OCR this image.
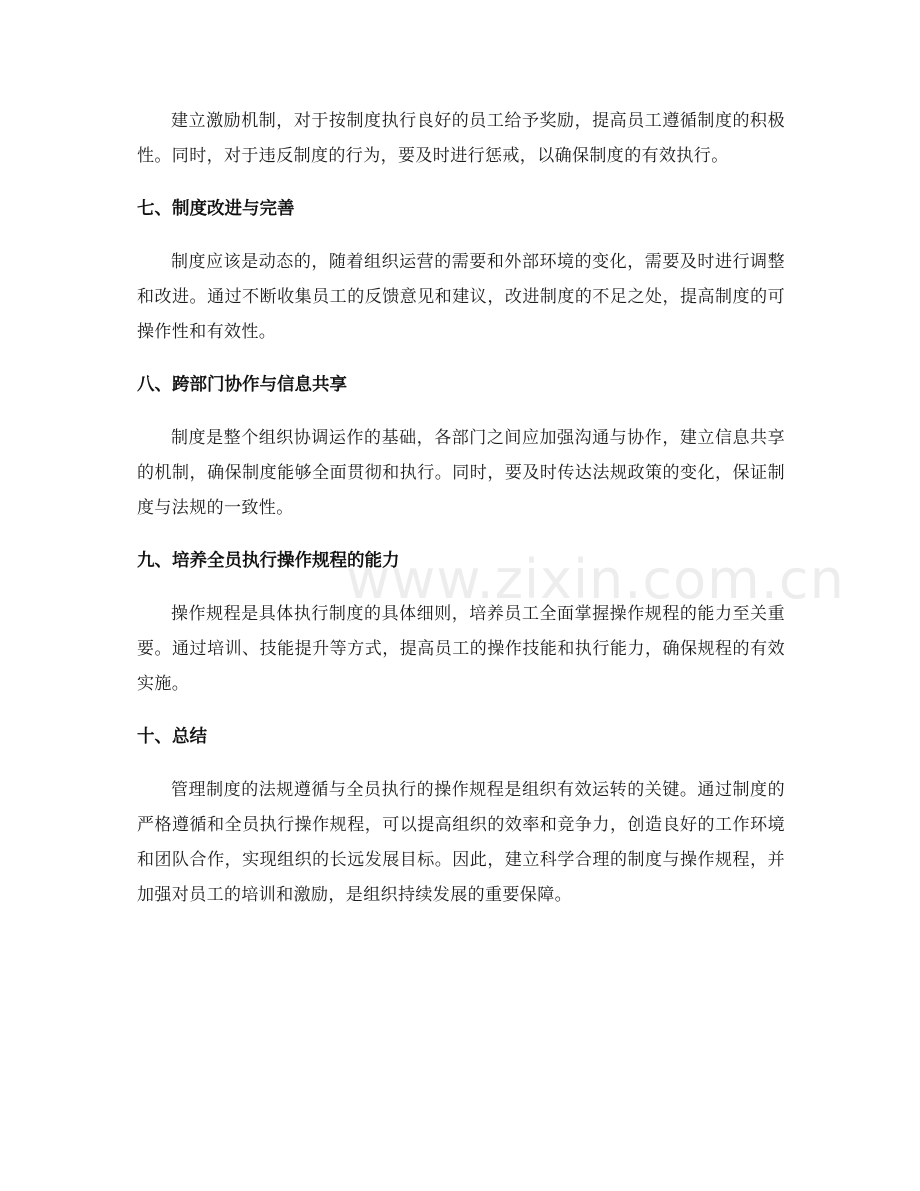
建立激励机制，对于按制度执行良好的员工给予奖励，提高员工遵循制度的积极性。同时，对于违反制度的行为，要及时进行惩戒，以确保制度的有效执行。

七、制度改进与完善

制度应该是动态的，随着组织运营的需要和外部环境的变化，需要及时进行调整和改进。通过不断收集员工的反馈意见和建议，改进制度的不足之处，提高制度的可操作性和有效性。

八、跨部门协作与信息共享

制度是整个组织协调运作的基础，各部门之间应加强沟通与协作，建立信息共享的机制，确保制度能够全面贯彻和执行。同时，要及时传达法规政策的变化，保证制度与法规的一致性。

九、培养全员执行操作规程的能力

操作规程是具体执行制度的具体细则，培养员工全面掌握操作规程的能力至关重要。通过培训、技能提升等方式，提高员工的操作技能和执行能力，确保规程的有效实施。

十、总结

管理制度的法规遵循与全员执行的操作规程是组织有效运转的关键。通过制度的严格遵循和全员执行操作规程，可以提高组织的效率和竞争力，创造良好的工作环境和团队合作，实现组织的长远发展目标。因此，建立科学合理的制度与操作规程，并加强对员工的培训和激励，是组织持续发展的重要保障。

www.zixin.com.cn
